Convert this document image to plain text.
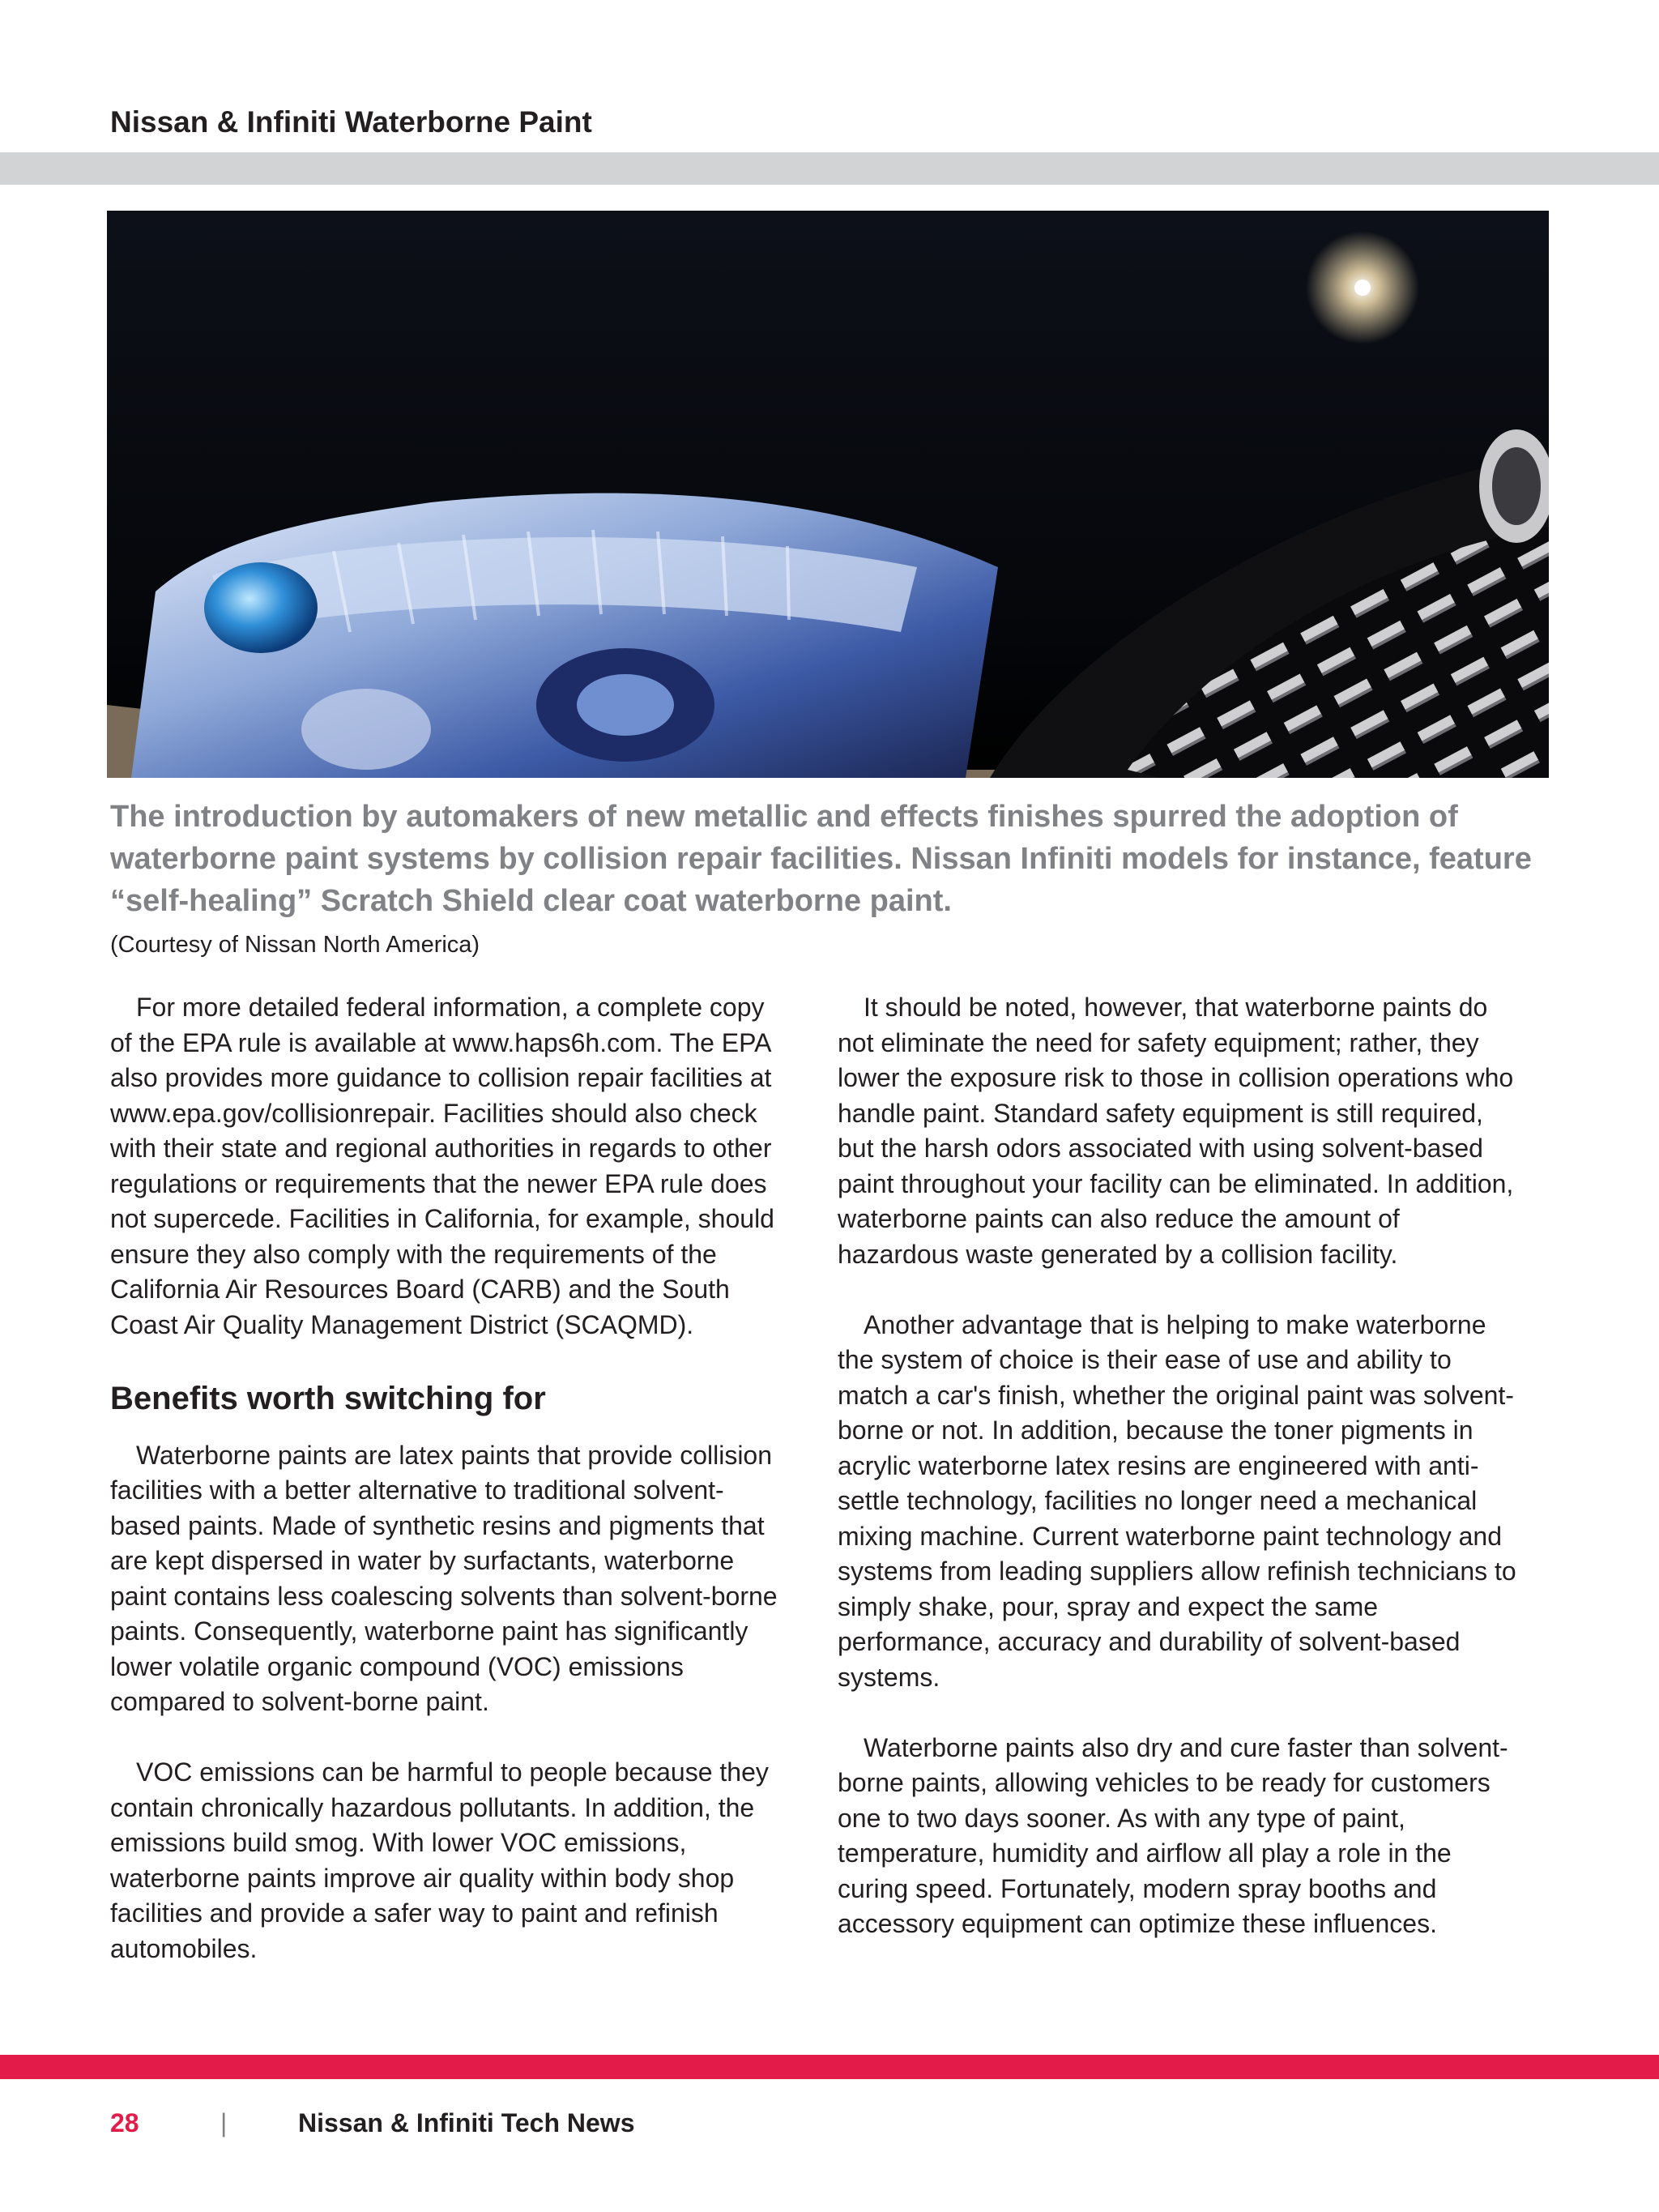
Nissan & Infiniti Waterborne Paint
The introduction by automakers of new metallic and effects finishes spurred the adoption of waterborne paint systems by collision repair facilities. Nissan Infiniti models for instance, feature “self-healing” Scratch Shield clear coat waterborne paint.
(Courtesy of Nissan North America)

For more detailed federal information, a complete copy of the EPA rule is available at www.haps6h.com. The EPA also provides more guidance to collision repair facilities at www.epa.gov/collisionrepair. Facilities should also check with their state and regional authorities in regards to other regulations or requirements that the newer EPA rule does not supercede. Facilities in California, for example, should ensure they also comply with the requirements of the California Air Resources Board (CARB) and the South Coast Air Quality Management District (SCAQMD).

Benefits worth switching for

Waterborne paints are latex paints that provide collision facilities with a better alternative to traditional solvent-based paints. Made of synthetic resins and pigments that are kept dispersed in water by surfactants, waterborne paint contains less coalescing solvents than solvent-borne paints. Consequently, waterborne paint has significantly lower volatile organic compound (VOC) emissions compared to solvent-borne paint.

VOC emissions can be harmful to people because they contain chronically hazardous pollutants. In addition, the emissions build smog. With lower VOC emissions, waterborne paints improve air quality within body shop facilities and provide a safer way to paint and refinish automobiles.

It should be noted, however, that waterborne paints do not eliminate the need for safety equipment; rather, they lower the exposure risk to those in collision operations who handle paint. Standard safety equipment is still required, but the harsh odors associated with using solvent-based paint throughout your facility can be eliminated. In addition, waterborne paints can also reduce the amount of hazardous waste generated by a collision facility.

Another advantage that is helping to make waterborne the system of choice is their ease of use and ability to match a car's finish, whether the original paint was solvent-borne or not. In addition, because the toner pigments in acrylic waterborne latex resins are engineered with anti-settle technology, facilities no longer need a mechanical mixing machine. Current waterborne paint technology and systems from leading suppliers allow refinish technicians to simply shake, pour, spray and expect the same performance, accuracy and durability of solvent-based systems.

Waterborne paints also dry and cure faster than solvent-borne paints, allowing vehicles to be ready for customers one to two days sooner. As with any type of paint, temperature, humidity and airflow all play a role in the curing speed. Fortunately, modern spray booths and accessory equipment can optimize these influences.

28	|	Nissan & Infiniti Tech News
